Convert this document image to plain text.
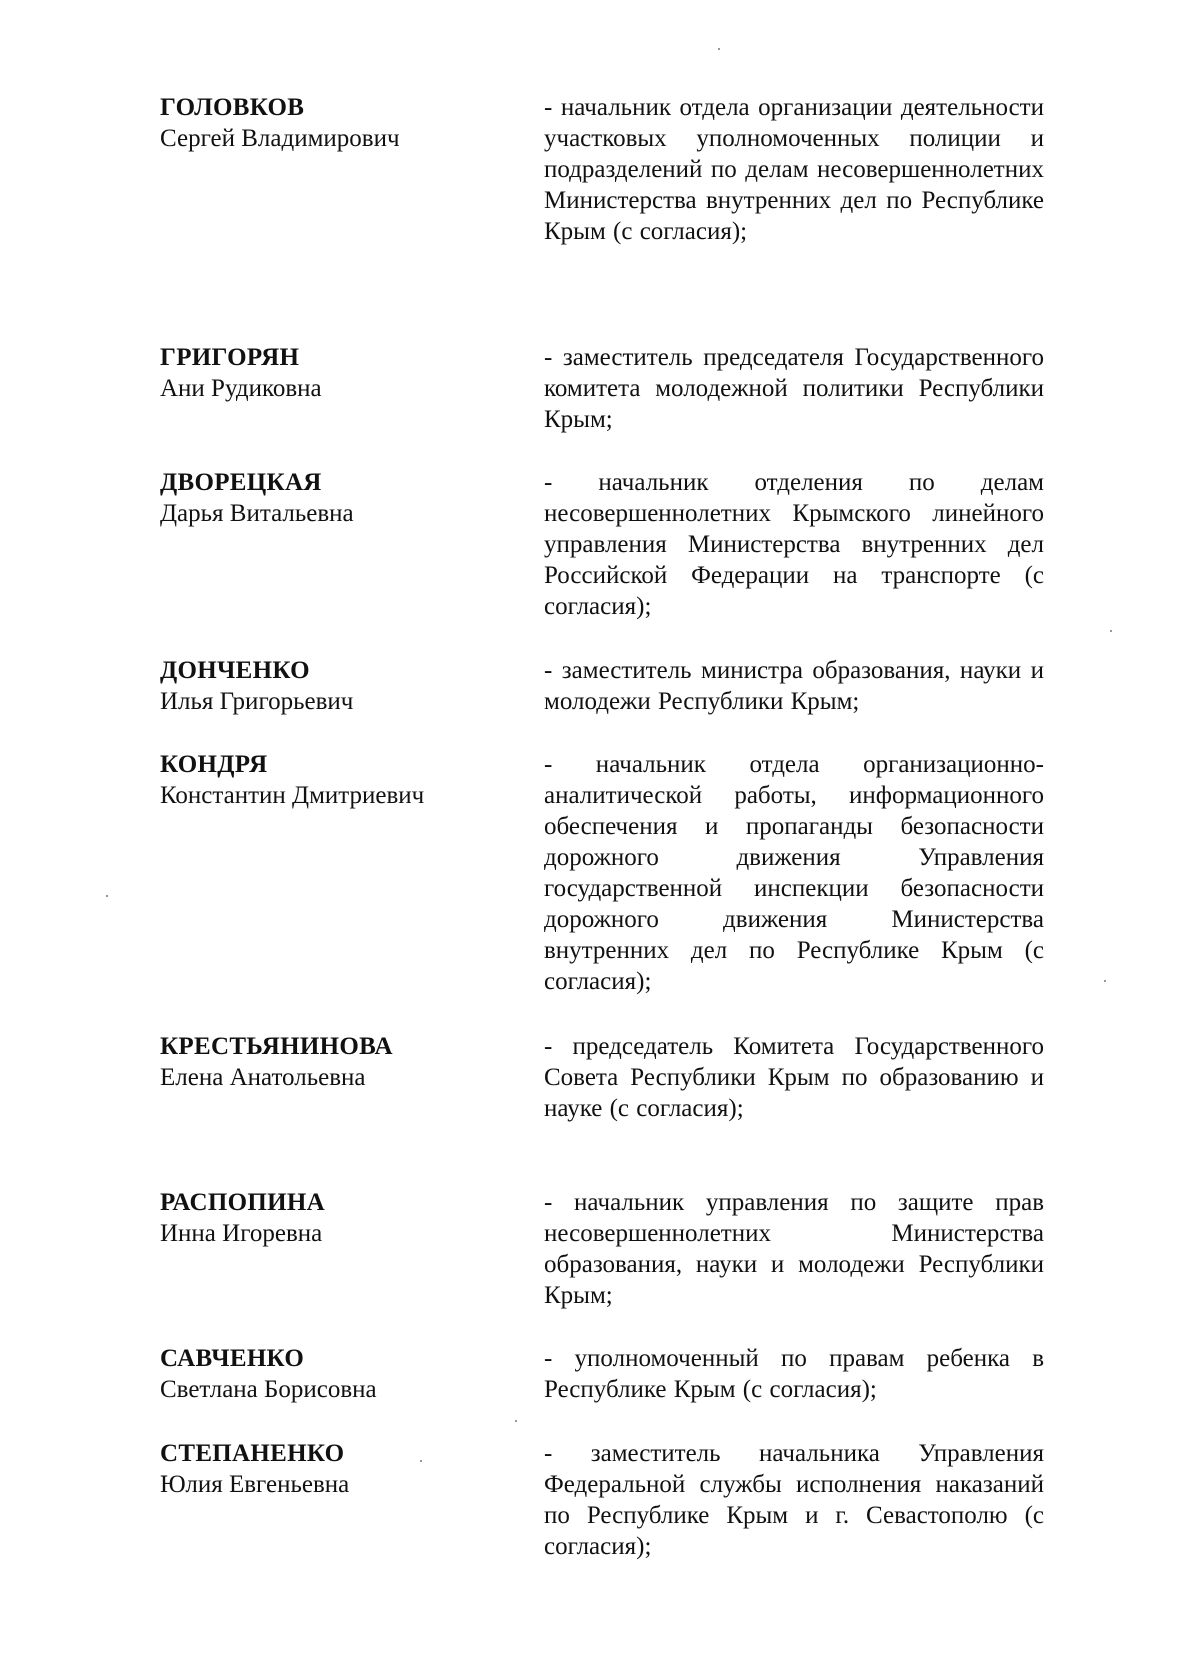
ГОЛОВКОВ
Сергей Владимирович
- начальник отдела организации деятельности участковых уполномоченных полиции и подразделений по делам несовершеннолетних Министерства внутренних дел по Республике Крым (с согласия);
ГРИГОРЯН
Ани Рудиковна
- заместитель председателя Государственного комитета молодежной политики Республики Крым;
ДВОРЕЦКАЯ
Дарья Витальевна
- начальник отделения по делам несовершеннолетних Крымского линейного управления Министерства внутренних дел Российской Федерации на транспорте (с согласия);
ДОНЧЕНКО
Илья Григорьевич
- заместитель министра образования, науки и молодежи Республики Крым;
КОНДРЯ
Константин Дмитриевич
- начальник отдела организационно-аналитической работы, информационного обеспечения и пропаганды безопасности дорожного движения Управления государственной инспекции безопасности дорожного движения Министерства внутренних дел по Республике Крым (с согласия);
КРЕСТЬЯНИНОВА
Елена Анатольевна
- председатель Комитета Государственного Совета Республики Крым по образованию и науке (с согласия);
РАСПОПИНА
Инна Игоревна
- начальник управления по защите прав несовершеннолетних Министерства образования, науки и молодежи Республики Крым;
САВЧЕНКО
Светлана Борисовна
- уполномоченный по правам ребенка в Республике Крым (с согласия);
СТЕПАНЕНКО
Юлия Евгеньевна
- заместитель начальника Управления Федеральной службы исполнения наказаний по Республике Крым и г. Севастополю (с согласия);
